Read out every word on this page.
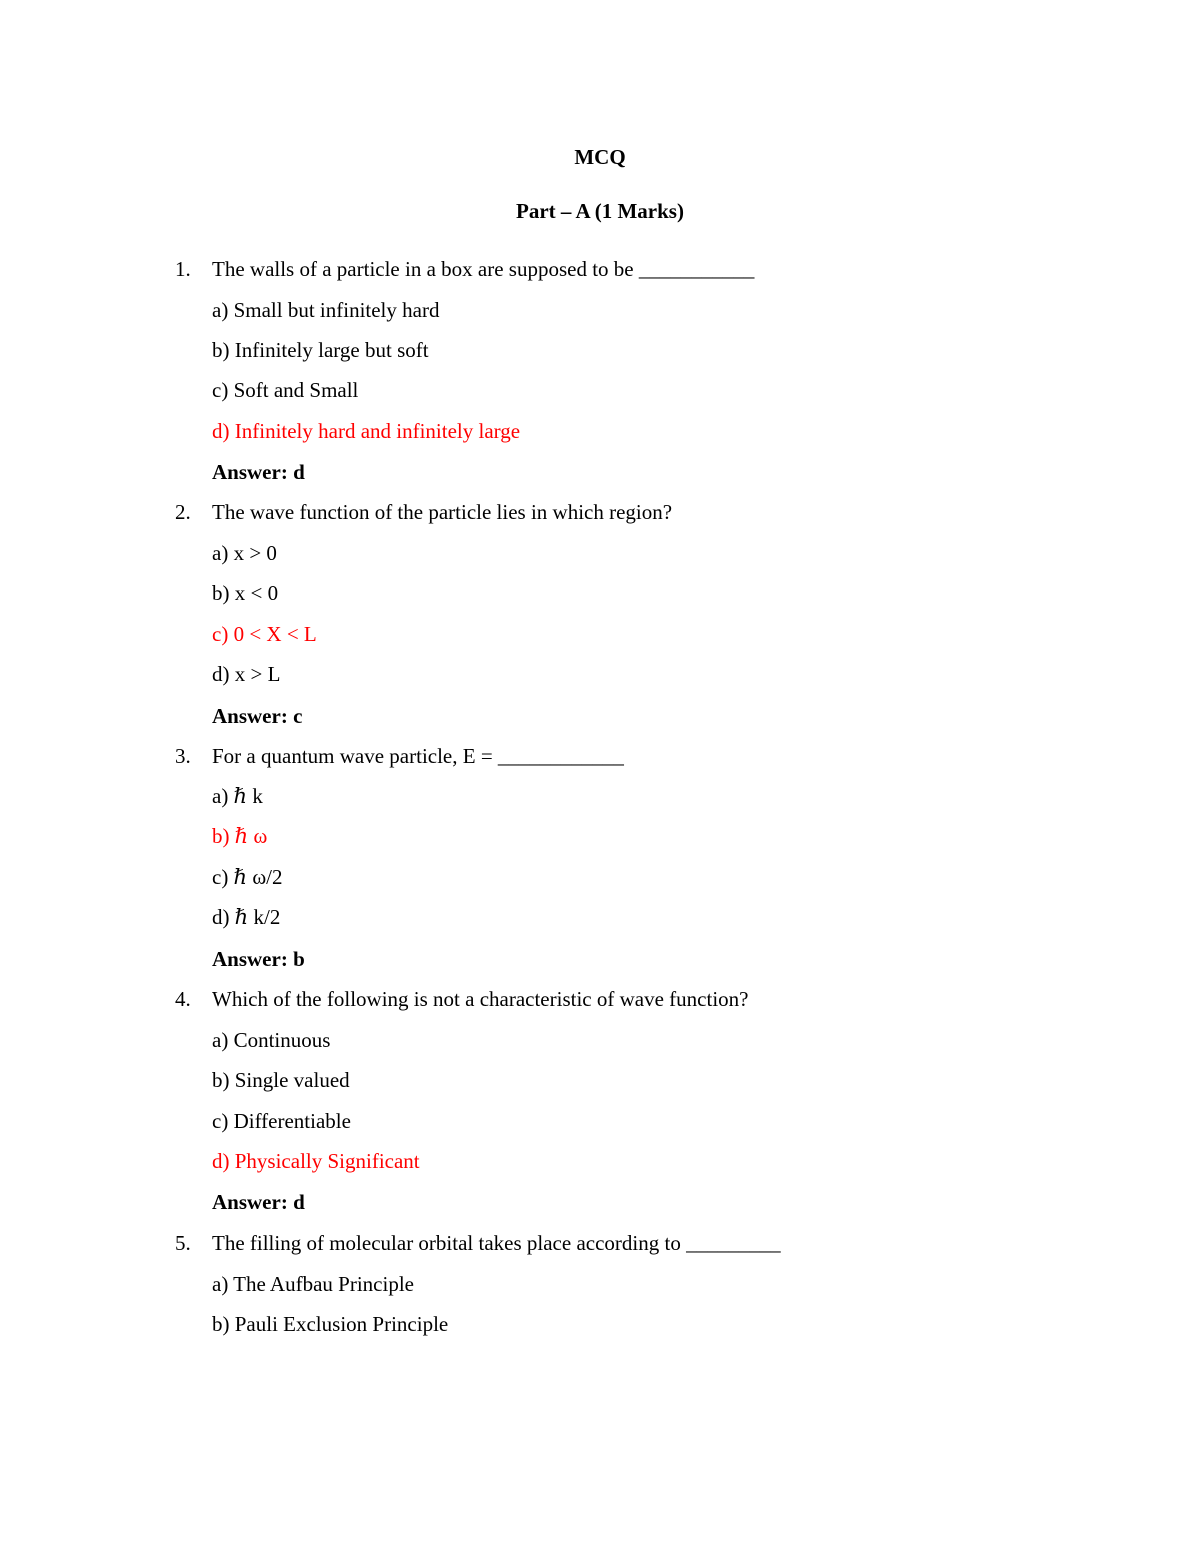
MCQ
Part – A (1 Marks)
1. The walls of a particle in a box are supposed to be ___________
a) Small but infinitely hard
b) Infinitely large but soft
c) Soft and Small
d) Infinitely hard and infinitely large
Answer: d
2. The wave function of the particle lies in which region?
a) x > 0
b) x < 0
c) 0 < X < L
d) x > L
Answer: c
3. For a quantum wave particle, E = ____________
a) ℏ k
b) ℏ ω
c) ℏ ω/2
d) ℏ k/2
Answer: b
4. Which of the following is not a characteristic of wave function?
a) Continuous
b) Single valued
c) Differentiable
d) Physically Significant
Answer: d
5. The filling of molecular orbital takes place according to _________
a) The Aufbau Principle
b) Pauli Exclusion Principle
